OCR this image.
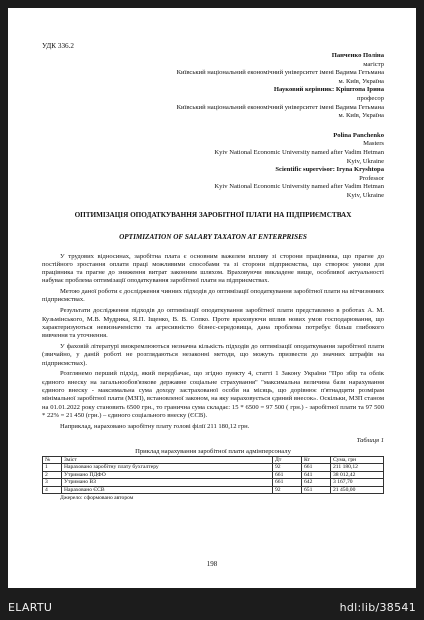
УДК 336.2
Панченко Поліна
магістр
Київський національний економічний університет імені Вадима Гетьмана
м. Київ, Україна
Науковий керівник: Крiштопа Ірина
професор
Київський національний економічний університет імені Вадима Гетьмана
м. Київ, Україна
Polina Panchenko
Masters
Kyiv National Economic University named after Vadim Hetman
Kyiv, Ukraine
Scientific supervisor: Iryna Kryshtopa
Professor
Kyiv National Economic University named after Vadim Hetman
Kyiv, Ukraine
ОПТИМІЗАЦІЯ ОПОДАТКУВАННЯ ЗАРОБІТНОЇ ПЛАТИ НА ПІДПРИЄМСТВАХ
OPTIMIZATION OF SALARY TAXATON AT ENTERPRISES

У трудових відносинах, заробітна плата є основним важелем впливу зі сторони працівника, що прагне до постійного зростання оплати праці можливими способами та зі сторони підприємства, що створює умови для працівника та прагне до зниження витрат законним шляхом. Враховуючи викладене вище, особливої актуальності набуває проблема оптимізації оподаткування заробітної плати на підприємствах.

Метою даної роботи є дослідження чинних підходів до оптимізації оподаткування заробітної плати на вітчизняних підприємствах.

Результати дослідження підходів до оптимізації оподаткування заробітної плати представлено в роботах А. М. Кузьмінського, М.В. Мудрика, Я.П. Іщенко, В. В. Сопко. Проте враховуючи вплив нових умов господарювання, що характеризуються невизначеністю та агресивністю бізнес-середовища, дана проблема потребує більш глибокого вивчення та уточнення.

У фаховій літературі виокремлюються незначна кількість підходів до оптимізації оподаткування заробітної плати (звичайно, у даній роботі не розглядаються незаконні методи, що можуть призвести до значних штрафів на підприємствах).

Розглянемо перший підхід, який передбачає, що згідно пункту 4, статті 1 Закону України "Про збір та облік єдиного внеску на загальнообов'язкове державне соціальне страхування" "максимальна величина бази нарахування єдиного внеску - максимальна сума доходу застрахованої особи на місяць, що дорівнює п'ятнадцяти розмірам мінімальної заробітної плати (МЗП), встановленої законом, на яку нараховується єдиний внесок». Оскільки, МЗП станом на 01.01.2022 року становить 6500 грн., то гранична сума складає: 15 * 6500 = 97 500 ( грн.) - заробітної плати та 97 500 * 22% = 21 450 (грн.) – єдиного соціального внеску (ЄСВ).

Наприклад, нараховано заробітну плату голові філії 211 180,12 грн.

Таблиця 1
Приклад нарахування заробітної плати адмінперсоналу
№	Зміст	Дт	Кт	Сума, грн
1	Нараховано заробітну плату бухгалтеру	92	661	211 180,12
2	Утримано ПДФО	661	641	38 012,42
3	Утримано ВЗ	661	642	3 167,70
4	Нараховано ЄСВ	92	651	21 450,00
Джерело: сформовано автором
198
ELARTU	hdl:lib/38541
